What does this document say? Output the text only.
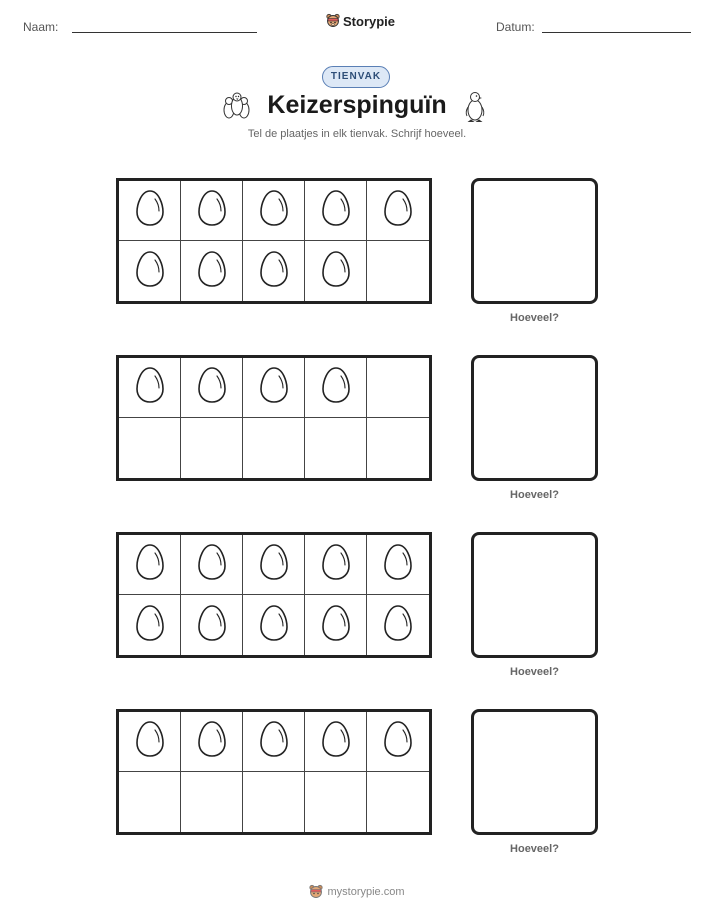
Naam:	Storypie	Datum:
TIENVAK
Keizerspinguïn
Tel de plaatjes in elk tienvak. Schrijf hoeveel.
Hoeveel?
Hoeveel?
Hoeveel?
Hoeveel?
mystorypie.com
